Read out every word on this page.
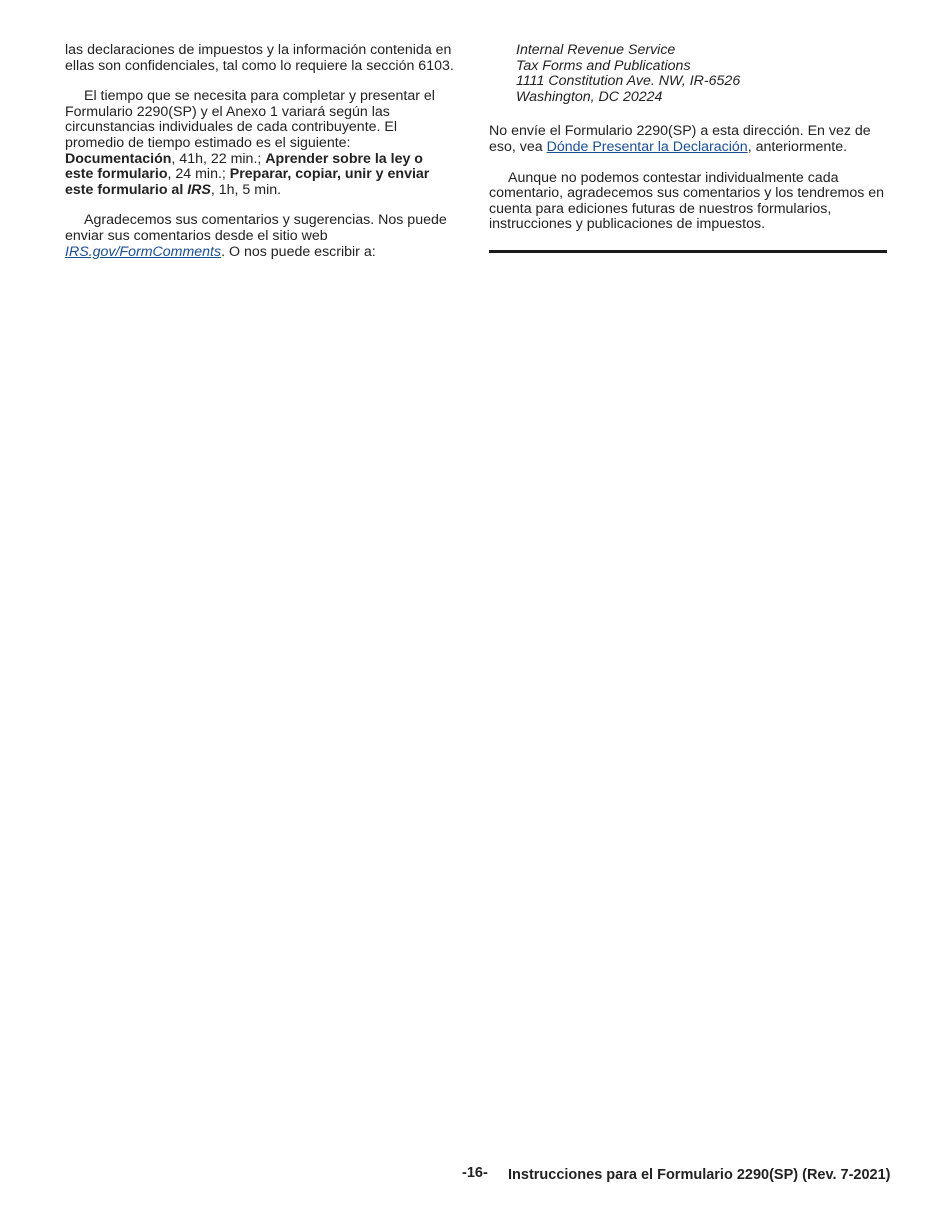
las declaraciones de impuestos y la información contenida en ellas son confidenciales, tal como lo requiere la sección 6103.

El tiempo que se necesita para completar y presentar el Formulario 2290(SP) y el Anexo 1 variará según las circunstancias individuales de cada contribuyente. El promedio de tiempo estimado es el siguiente: Documentación, 41h, 22 min.; Aprender sobre la ley o este formulario, 24 min.; Preparar, copiar, unir y enviar este formulario al IRS, 1h, 5 min.

Agradecemos sus comentarios y sugerencias. Nos puede enviar sus comentarios desde el sitio web IRS.gov/FormComments. O nos puede escribir a:

Internal Revenue Service
Tax Forms and Publications
1111 Constitution Ave. NW, IR-6526
Washington, DC 20224

No envíe el Formulario 2290(SP) a esta dirección. En vez de eso, vea Dónde Presentar la Declaración, anteriormente.

Aunque no podemos contestar individualmente cada comentario, agradecemos sus comentarios y los tendremos en cuenta para ediciones futuras de nuestros formularios, instrucciones y publicaciones de impuestos.

-16- Instrucciones para el Formulario 2290(SP) (Rev. 7-2021)
